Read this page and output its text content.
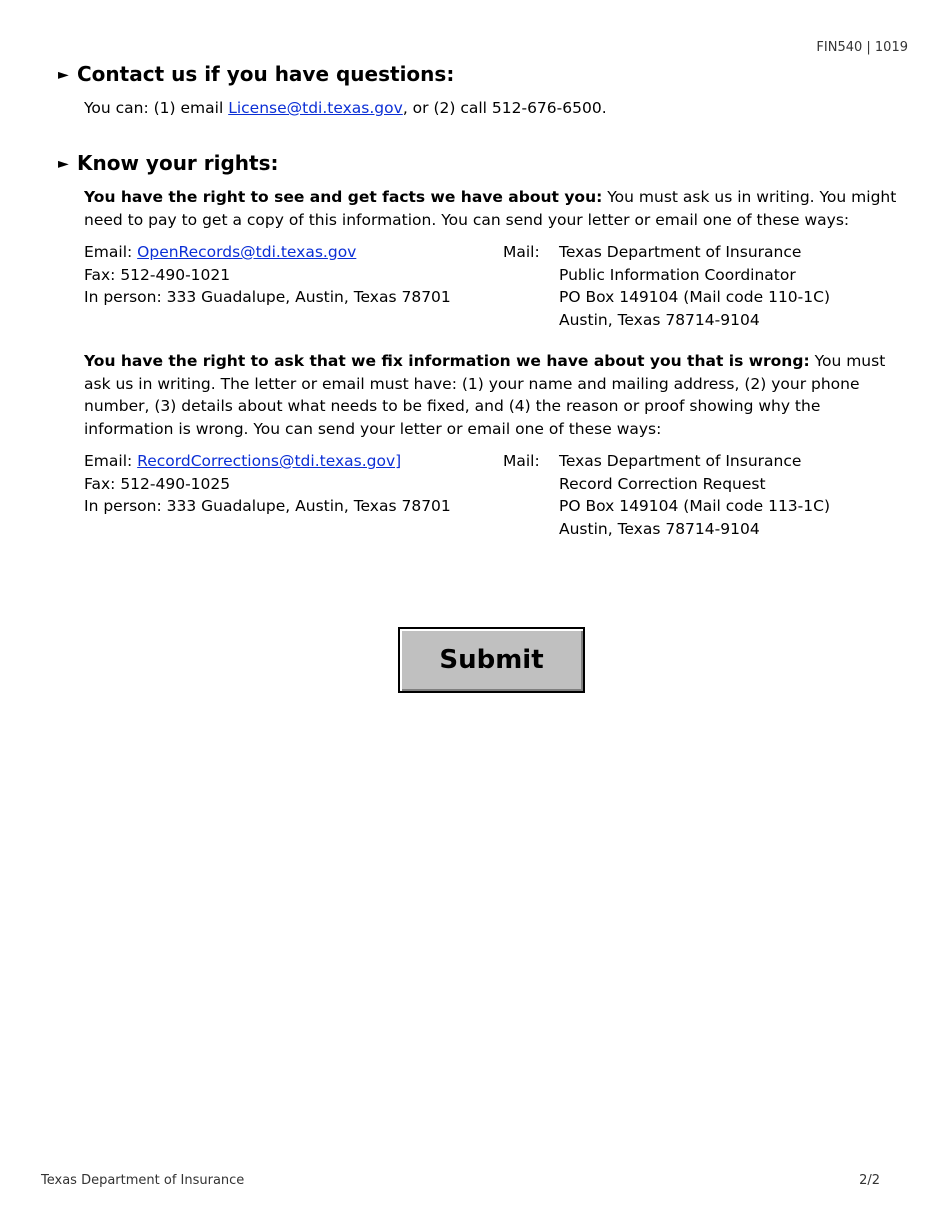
FIN540 | 1019
► Contact us if you have questions:

You can: (1) email License@tdi.texas.gov, or (2) call 512-676-6500.

► Know your rights:

You have the right to see and get facts we have about you: You must ask us in writing. You might need to pay to get a copy of this information. You can send your letter or email one of these ways:

Email: OpenRecords@tdi.texas.gov
Fax: 512-490-1021
In person: 333 Guadalupe, Austin, Texas 78701
Mail: Texas Department of Insurance
Public Information Coordinator
PO Box 149104 (Mail code 110-1C)
Austin, Texas 78714-9104

You have the right to ask that we fix information we have about you that is wrong: You must ask us in writing. The letter or email must have: (1) your name and mailing address, (2) your phone number, (3) details about what needs to be fixed, and (4) the reason or proof showing why the information is wrong. You can send your letter or email one of these ways:

Email: RecordCorrections@tdi.texas.gov]
Fax: 512-490-1025
In person: 333 Guadalupe, Austin, Texas 78701
Mail: Texas Department of Insurance
Record Correction Request
PO Box 149104 (Mail code 113-1C)
Austin, Texas 78714-9104
Submit
Texas Department of Insurance	2/2
